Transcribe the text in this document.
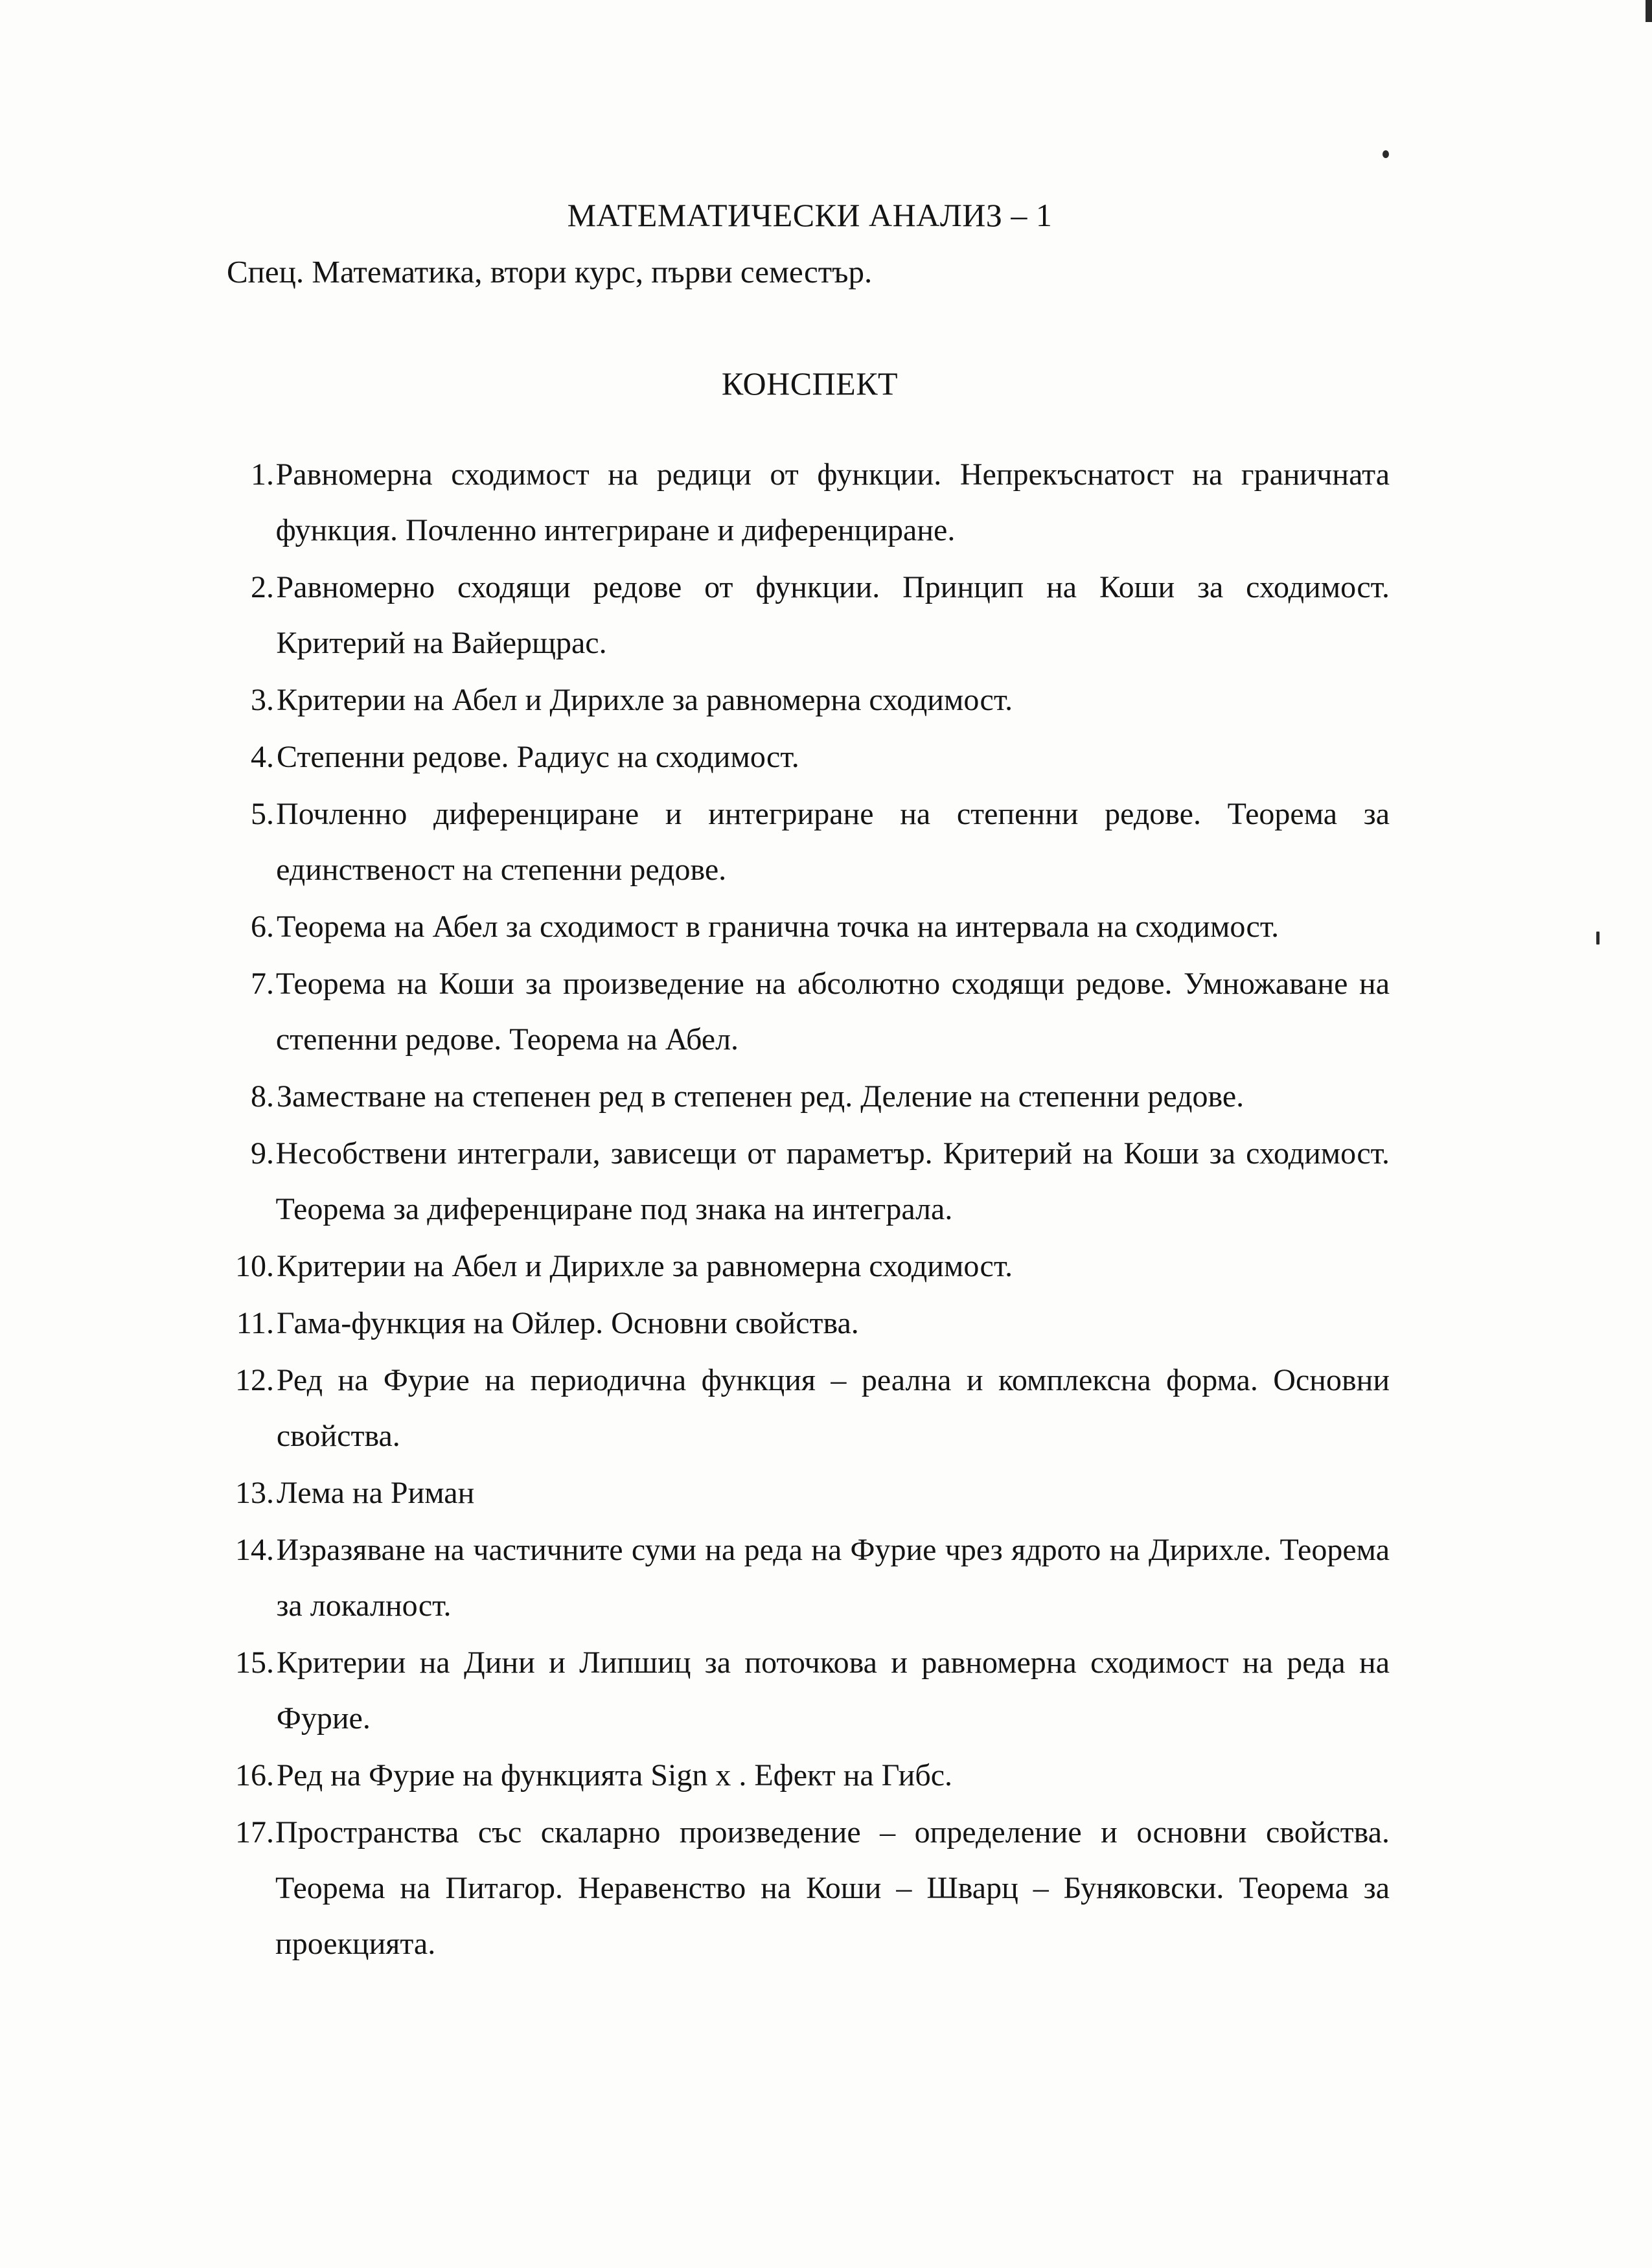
МАТЕМАТИЧЕСКИ АНАЛИЗ – 1
Спец. Математика, втори курс, първи семестър.
КОНСПЕКТ
1. Равномерна сходимост на редици от функции. Непрекъснатост на граничната функция. Почленно интегриране и диференциране.
2. Равномерно сходящи редове от функции. Принцип на Коши за сходимост. Критерий на Вайерщрас.
3. Критерии на Абел и Дирихле за равномерна сходимост.
4. Степенни редове. Радиус на сходимост.
5. Почленно диференциране и интегриране на степенни редове. Теорема за единственост на степенни редове.
6. Теорема на Абел за сходимост в гранична точка на интервала на сходимост.
7. Теорема на Коши за произведение на абсолютно сходящи редове. Умножаване на степенни редове. Теорема на Абел.
8. Заместване на степенен ред в степенен ред. Деление на степенни редове.
9. Несобствени интеграли, зависещи от параметър. Критерий на Коши за сходимост. Теорема за диференциране под знака на интеграла.
10. Критерии на Абел и Дирихле за равномерна сходимост.
11. Гама-функция на Ойлер. Основни свойства.
12. Ред на Фурие на периодична функция – реална и комплексна форма. Основни свойства.
13. Лема на Риман
14. Изразяване на частичните суми на реда на Фурие чрез ядрото на Дирихле. Теорема за локалност.
15. Критерии на Дини и Липшиц за поточкова и равномерна сходимост на реда на Фурие.
16. Ред на Фурие на функцията Sign x . Ефект на Гибс.
17. Пространства със скаларно произведение – определение и основни свойства. Теорема на Питагор. Неравенство на Коши – Шварц – Буняковски. Теорема за проекцията.
